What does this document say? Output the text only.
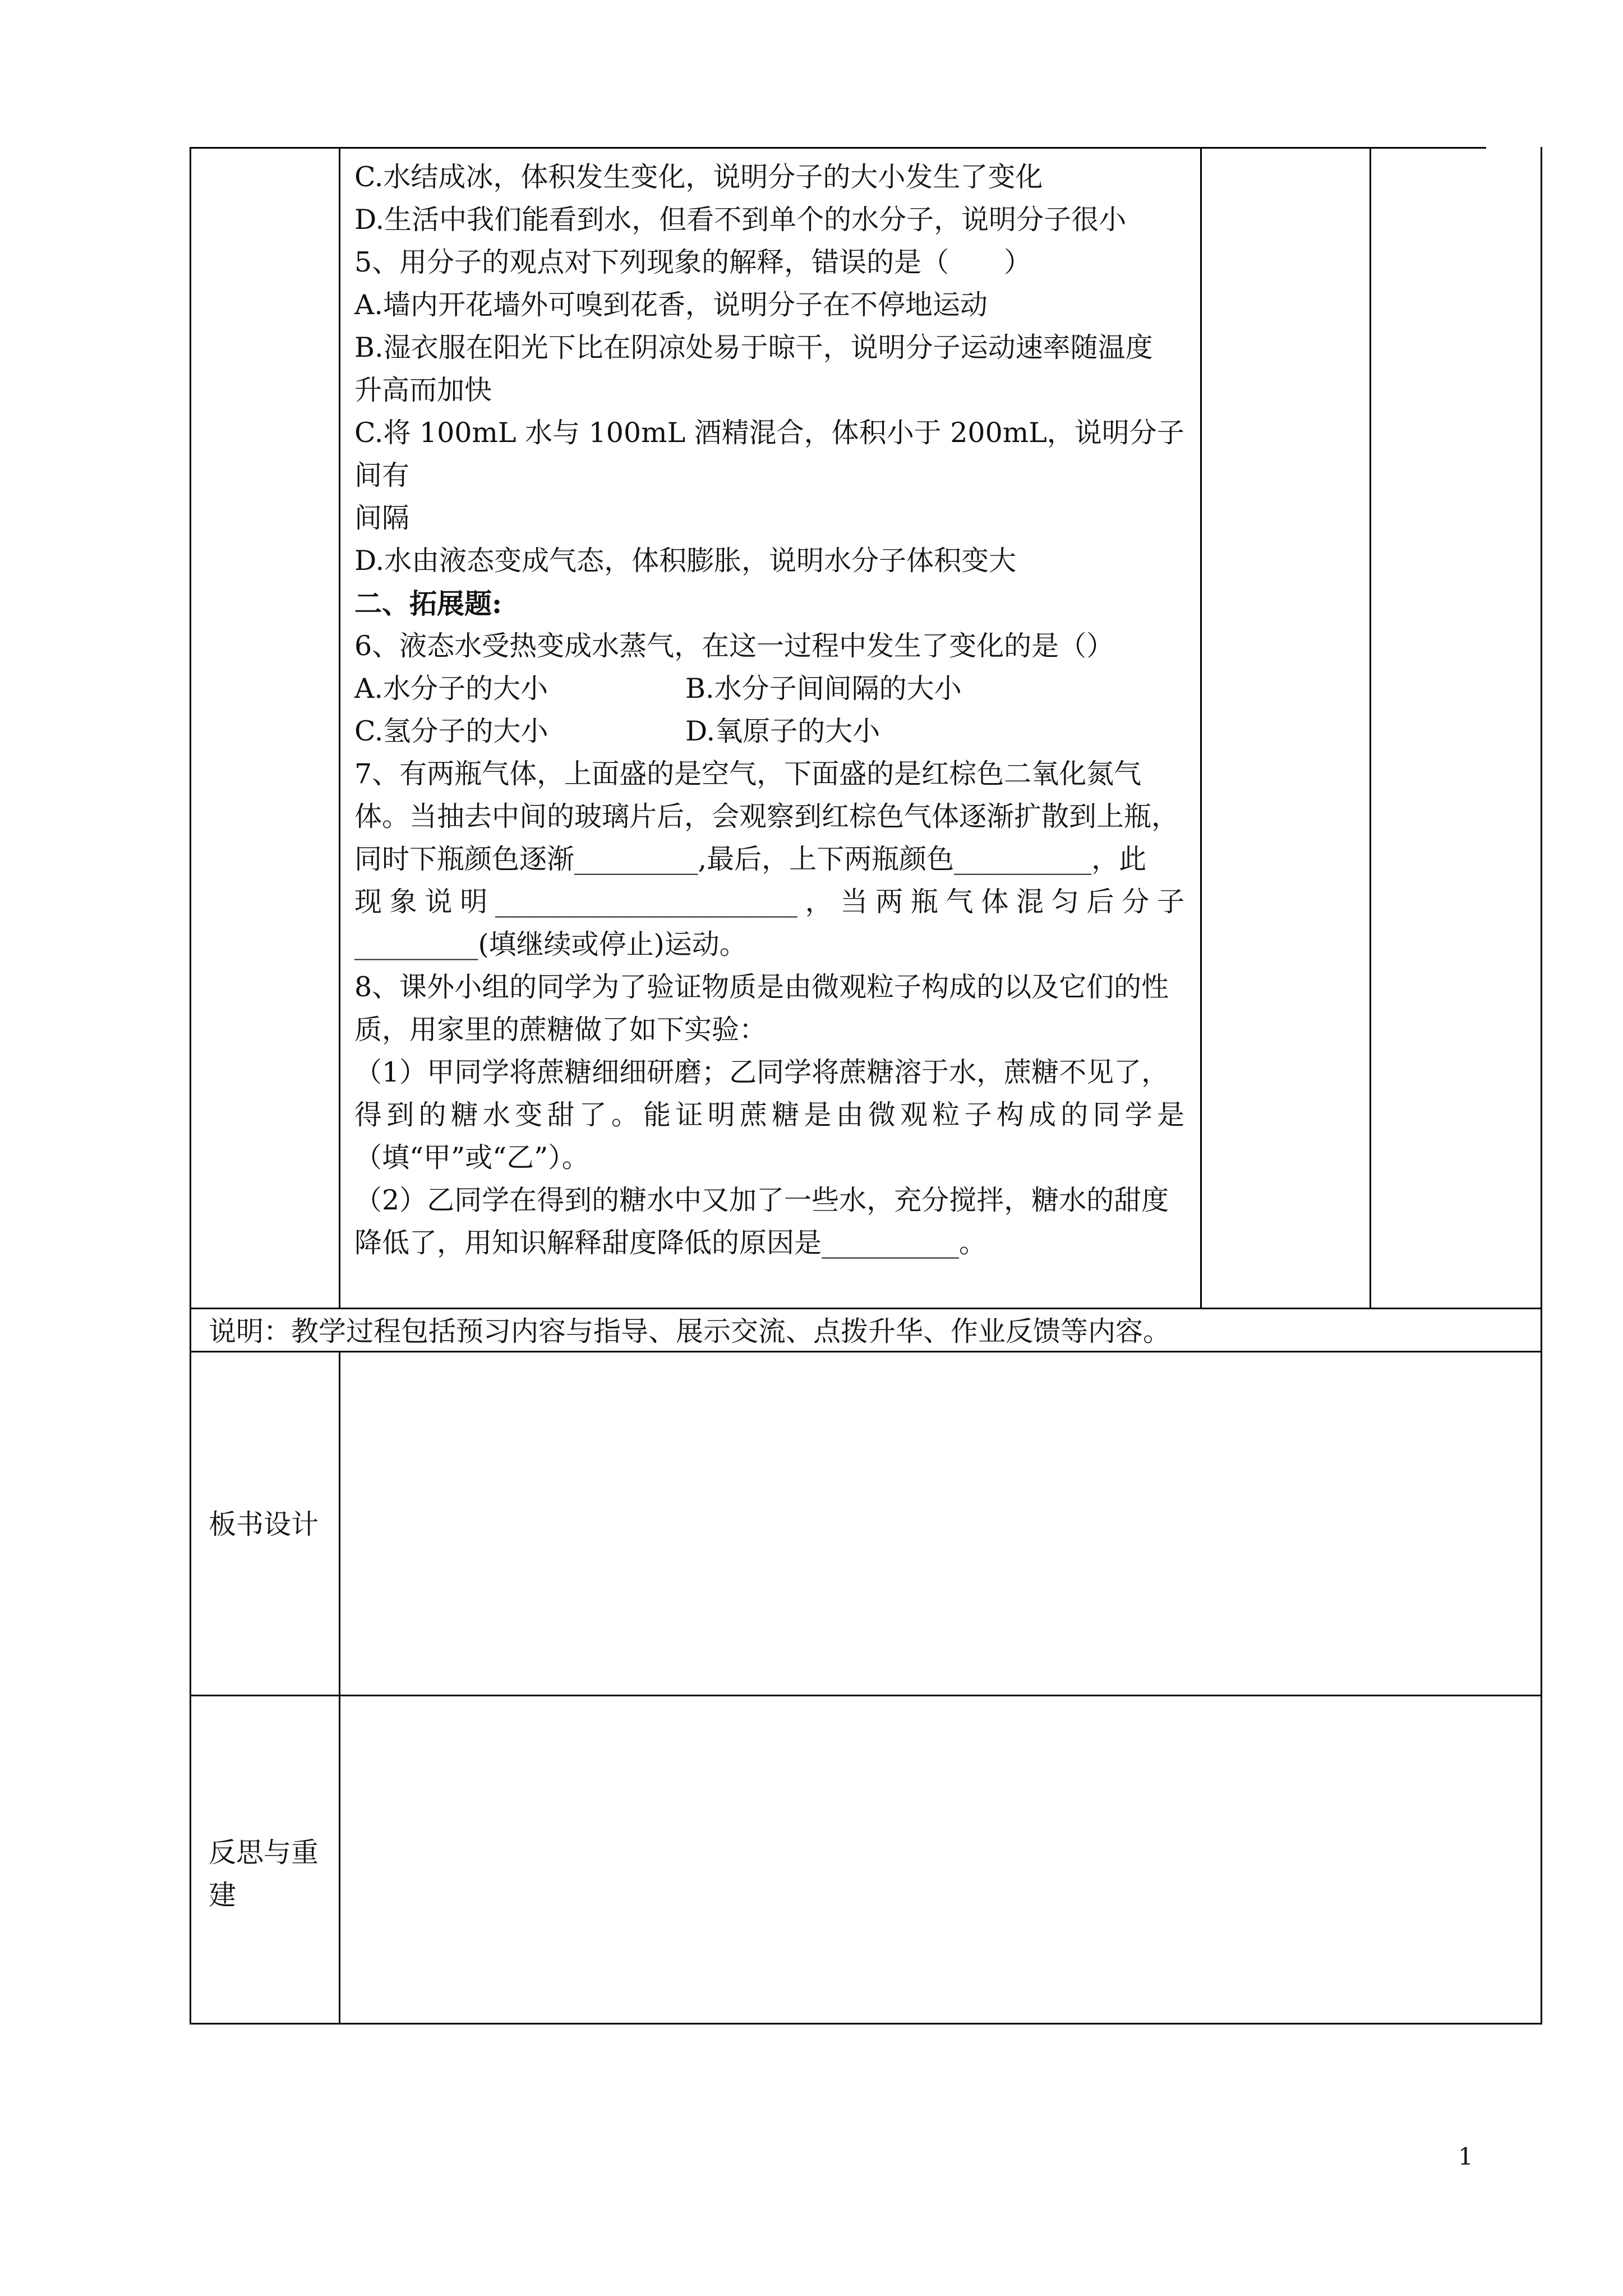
C.水结成冰，体积发生变化，说明分子的大小发生了变化

D.生活中我们能看到水，但看不到单个的水分子，说明分子很小

5、用分子的观点对下列现象的解释，错误的是（　　）

A.墙内开花墙外可嗅到花香，说明分子在不停地运动

B.湿衣服在阳光下比在阴凉处易于晾干，说明分子运动速率随温度

升高而加快

C.将 100mL 水与 100mL 酒精混合，体积小于 200mL，说明分子间有

间隔

D.水由液态变成气态，体积膨胀，说明水分子体积变大

二、拓展题:

6、液态水受热变成水蒸气，在这一过程中发生了变化的是（）

A.水分子的大小	B.水分子间间隔的大小

C.氢分子的大小	D.氧原子的大小

7、有两瓶气体，上面盛的是空气，下面盛的是红棕色二氧化氮气

体。当抽去中间的玻璃片后，会观察到红棕色气体逐渐扩散到上瓶，

同时下瓶颜色逐渐_________,最后，上下两瓶颜色__________，此

现象说明______________________，当两瓶气体混匀后分子

_________(填继续或停止)运动。

8、课外小组的同学为了验证物质是由微观粒子构成的以及它们的性

质，用家里的蔗糖做了如下实验：

（1）甲同学将蔗糖细细研磨；乙同学将蔗糖溶于水，蔗糖不见了，

得到的糖水变甜了。能证明蔗糖是由微观粒子构成的同学是

（填“甲”或“乙”）。

（2）乙同学在得到的糖水中又加了一些水，充分搅拌，糖水的甜度

降低了，用知识解释甜度降低的原因是__________。

说明：教学过程包括预习内容与指导、展示交流、点拨升华、作业反馈等内容。
板书设计
反思与重
建
1
